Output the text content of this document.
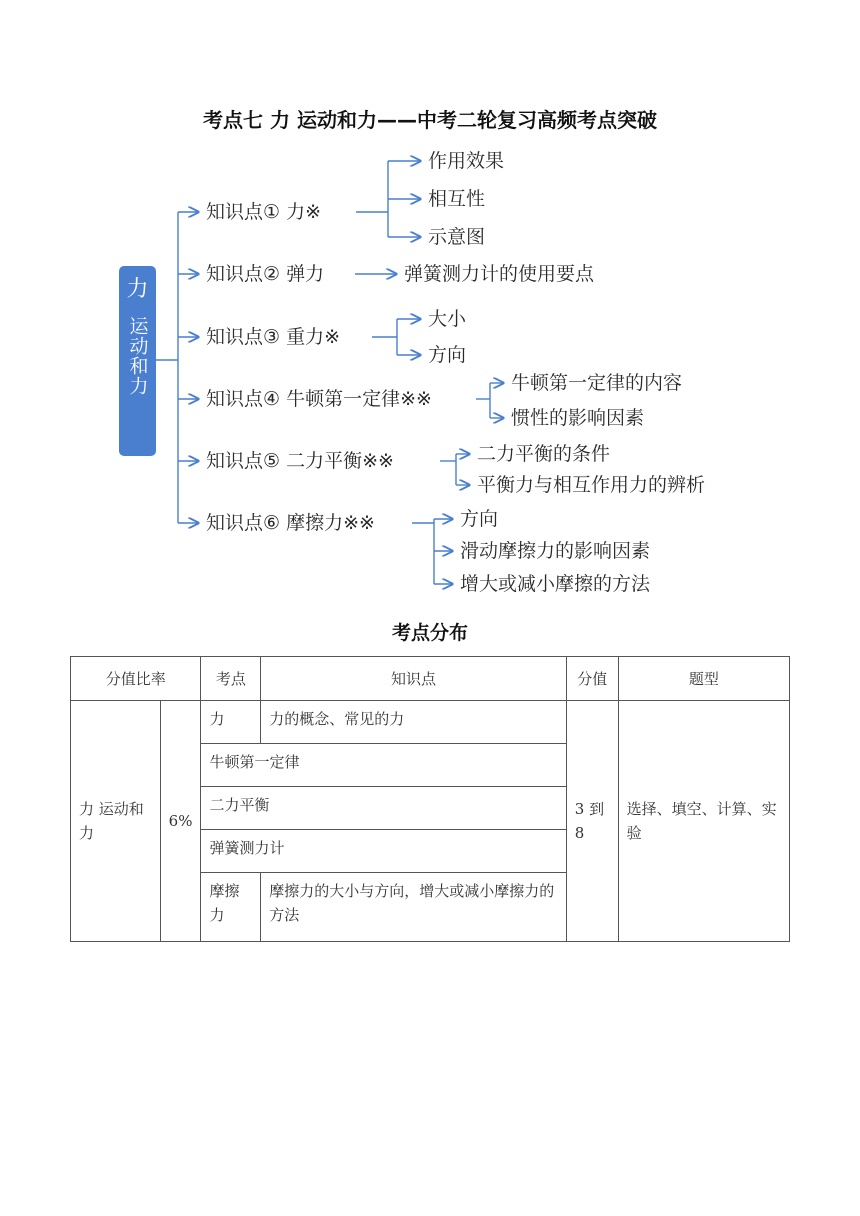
考点七 力 运动和力——中考二轮复习高频考点突破
力
运动和力
知识点① 力※
知识点② 弹力
知识点③ 重力※
知识点④ 牛顿第一定律※※
知识点⑤ 二力平衡※※
知识点⑥ 摩擦力※※
作用效果
相互性
示意图
弹簧测力计的使用要点
大小
方向
牛顿第一定律的内容
惯性的影响因素
二力平衡的条件
平衡力与相互作用力的辨析
方向
滑动摩擦力的影响因素
增大或减小摩擦的方法
考点分布
分值比率		考点	知识点	分值	题型
力 运动和力	6%	力	力的概念、常见的力	3 到 8	选择、填空、计算、实验
		牛顿第一定律			
		二力平衡			
		弹簧测力计			
		摩擦力	摩擦力的大小与方向，增大或减小摩擦力的方法		
